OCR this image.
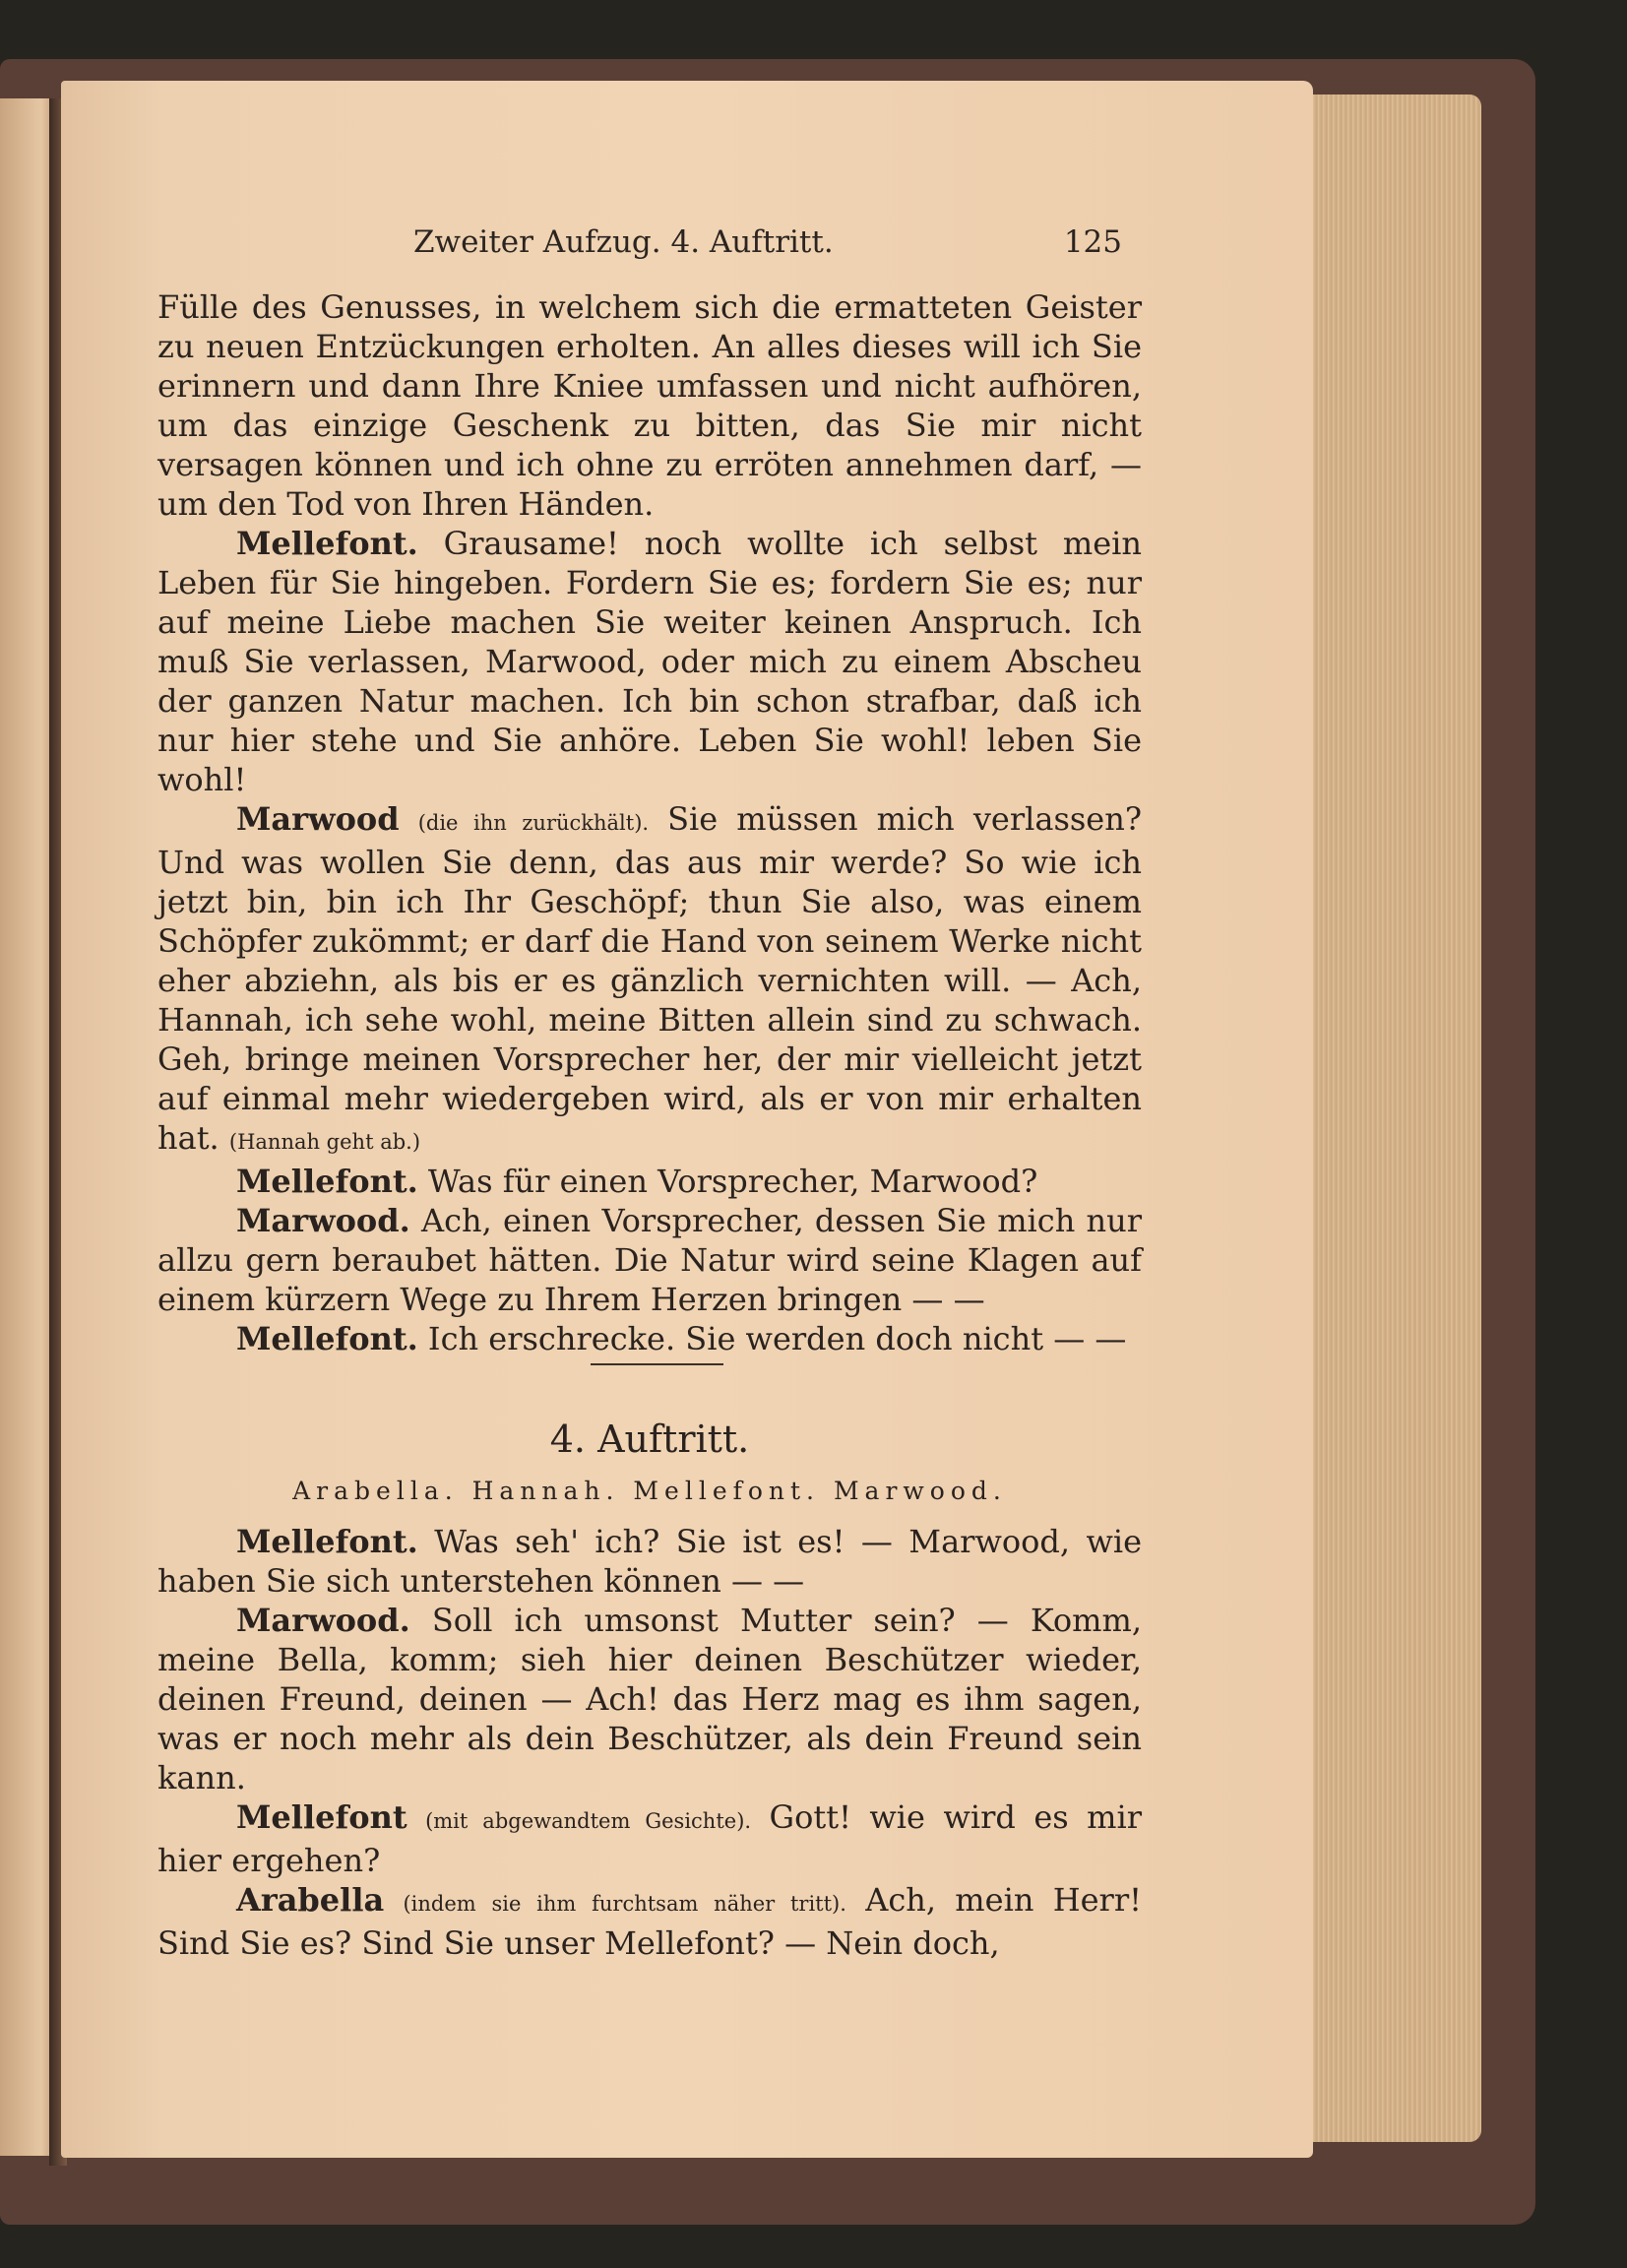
Zweiter Aufzug. 4. Auftritt.	125

Fülle des Genusses, in welchem sich die ermatteten Geister zu neuen Entzückungen erholten. An alles dieses will ich Sie erinnern und dann Ihre Kniee umfassen und nicht aufhören, um das einzige Geschenk zu bitten, das Sie mir nicht versagen können und ich ohne zu erröten annehmen darf, — um den Tod von Ihren Händen.

Mellefont. Grausame! noch wollte ich selbst mein Leben für Sie hingeben. Fordern Sie es; fordern Sie es; nur auf meine Liebe machen Sie weiter keinen Anspruch. Ich muß Sie verlassen, Marwood, oder mich zu einem Abscheu der ganzen Natur machen. Ich bin schon strafbar, daß ich nur hier stehe und Sie anhöre. Leben Sie wohl! leben Sie wohl!

Marwood (die ihn zurückhält). Sie müssen mich verlassen? Und was wollen Sie denn, das aus mir werde? So wie ich jetzt bin, bin ich Ihr Geschöpf; thun Sie also, was einem Schöpfer zukömmt; er darf die Hand von seinem Werke nicht eher abziehn, als bis er es gänzlich vernichten will. — Ach, Hannah, ich sehe wohl, meine Bitten allein sind zu schwach. Geh, bringe meinen Vorsprecher her, der mir vielleicht jetzt auf einmal mehr wiedergeben wird, als er von mir erhalten hat. (Hannah geht ab.)

Mellefont. Was für einen Vorsprecher, Marwood?

Marwood. Ach, einen Vorsprecher, dessen Sie mich nur allzu gern beraubet hätten. Die Natur wird seine Klagen auf einem kürzern Wege zu Ihrem Herzen bringen — —

Mellefont. Ich erschrecke. Sie werden doch nicht — —

4. Auftritt.
Arabella. Hannah. Mellefont. Marwood.

Mellefont. Was seh' ich? Sie ist es! — Marwood, wie haben Sie sich unterstehen können — —

Marwood. Soll ich umsonst Mutter sein? — Komm, meine Bella, komm; sieh hier deinen Beschützer wieder, deinen Freund, deinen — Ach! das Herz mag es ihm sagen, was er noch mehr als dein Beschützer, als dein Freund sein kann.

Mellefont (mit abgewandtem Gesichte). Gott! wie wird es mir hier ergehen?

Arabella (indem sie ihm furchtsam näher tritt). Ach, mein Herr! Sind Sie es? Sind Sie unser Mellefont? — Nein doch,
